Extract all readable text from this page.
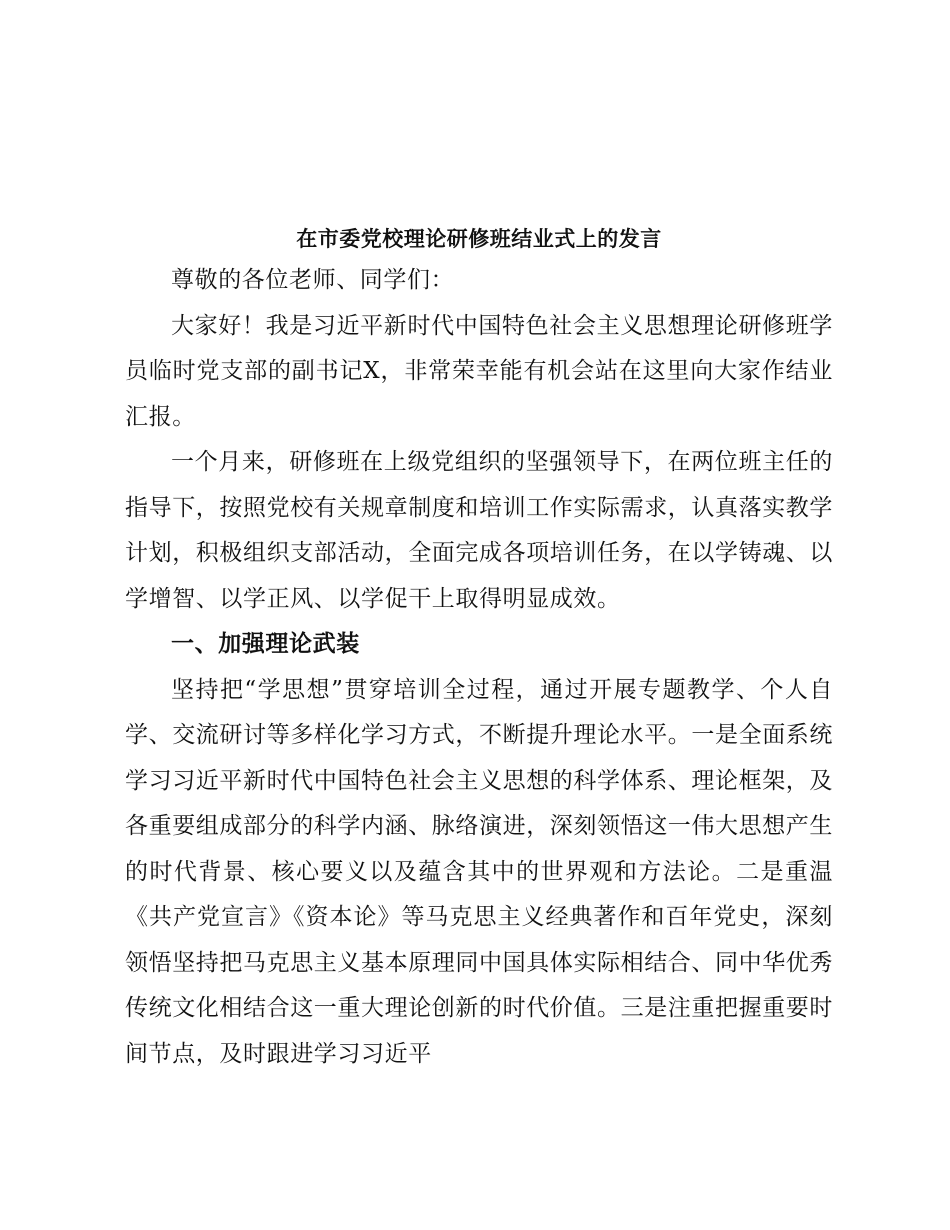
在市委党校理论研修班结业式上的发言

尊敬的各位老师、同学们：

大家好！我是习近平新时代中国特色社会主义思想理论研修班学员临时党支部的副书记X，非常荣幸能有机会站在这里向大家作结业汇报。

一个月来，研修班在上级党组织的坚强领导下，在两位班主任的指导下，按照党校有关规章制度和培训工作实际需求，认真落实教学计划，积极组织支部活动，全面完成各项培训任务，在以学铸魂、以学增智、以学正风、以学促干上取得明显成效。

一、加强理论武装

坚持把“学思想”贯穿培训全过程，通过开展专题教学、个人自学、交流研讨等多样化学习方式，不断提升理论水平。一是全面系统学习习近平新时代中国特色社会主义思想的科学体系、理论框架，及各重要组成部分的科学内涵、脉络演进，深刻领悟这一伟大思想产生的时代背景、核心要义以及蕴含其中的世界观和方法论。二是重温《共产党宣言》《资本论》等马克思主义经典著作和百年党史，深刻领悟坚持把马克思主义基本原理同中国具体实际相结合、同中华优秀传统文化相结合这一重大理论创新的时代价值。三是注重把握重要时间节点，及时跟进学习习近平
